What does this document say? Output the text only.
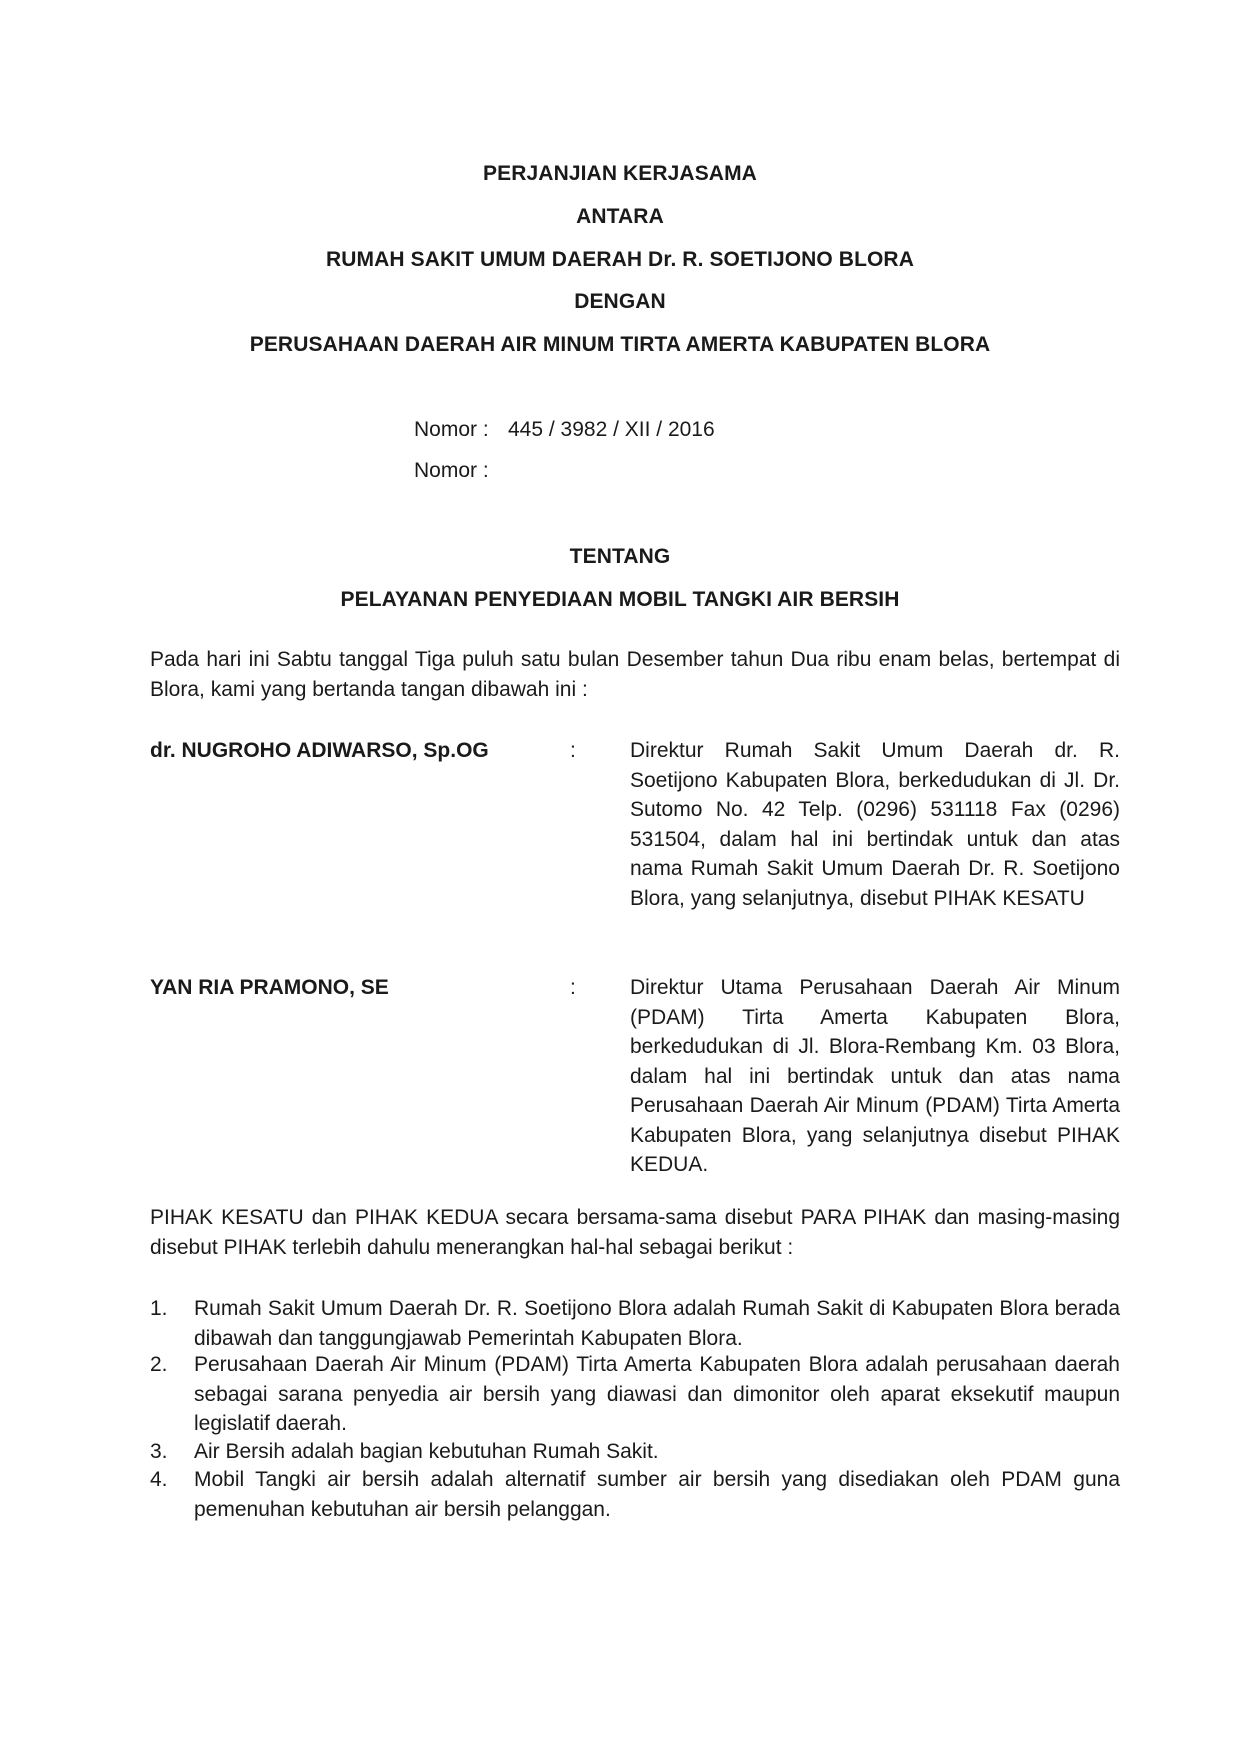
PERJANJIAN KERJASAMA
ANTARA
RUMAH SAKIT UMUM DAERAH Dr. R. SOETIJONO BLORA
DENGAN
PERUSAHAAN DAERAH AIR MINUM TIRTA AMERTA KABUPATEN BLORA
Nomor : 445 / 3982 / XII / 2016
Nomor :
TENTANG
PELAYANAN PENYEDIAAN MOBIL TANGKI AIR BERSIH
Pada hari ini Sabtu tanggal Tiga puluh satu bulan Desember tahun Dua ribu enam belas, bertempat di Blora, kami yang bertanda tangan dibawah ini :
dr. NUGROHO ADIWARSO, Sp.OG	:	Direktur Rumah Sakit Umum Daerah dr. R. Soetijono Kabupaten Blora, berkedudukan di Jl. Dr. Sutomo No. 42 Telp. (0296) 531118 Fax (0296) 531504, dalam hal ini bertindak untuk dan atas nama Rumah Sakit Umum Daerah Dr. R. Soetijono Blora, yang selanjutnya, disebut PIHAK KESATU
YAN RIA PRAMONO, SE	:	Direktur Utama Perusahaan Daerah Air Minum (PDAM) Tirta Amerta Kabupaten Blora, berkedudukan di Jl. Blora-Rembang Km. 03 Blora, dalam hal ini bertindak untuk dan atas nama Perusahaan Daerah Air Minum (PDAM) Tirta Amerta Kabupaten Blora, yang selanjutnya disebut PIHAK KEDUA.
PIHAK KESATU dan PIHAK KEDUA secara bersama-sama disebut PARA PIHAK dan masing-masing disebut PIHAK terlebih dahulu menerangkan hal-hal sebagai berikut :
1. Rumah Sakit Umum Daerah Dr. R. Soetijono Blora adalah Rumah Sakit di Kabupaten Blora berada dibawah dan tanggungjawab Pemerintah Kabupaten Blora.
2. Perusahaan Daerah Air Minum (PDAM) Tirta Amerta Kabupaten Blora adalah perusahaan daerah sebagai sarana penyedia air bersih yang diawasi dan dimonitor oleh aparat eksekutif maupun legislatif daerah.
3. Air Bersih adalah bagian kebutuhan Rumah Sakit.
4. Mobil Tangki air bersih adalah alternatif sumber air bersih yang disediakan oleh PDAM guna pemenuhan kebutuhan air bersih pelanggan.
